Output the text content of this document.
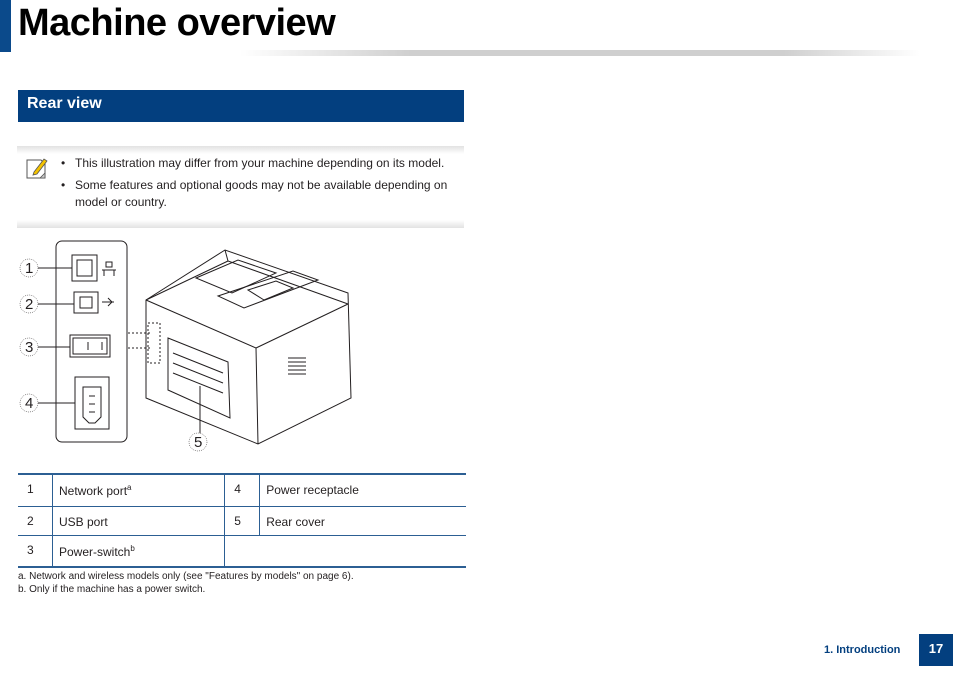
Machine overview
Rear view
• This illustration may differ from your machine depending on its model.
• Some features and optional goods may not be available depending on model or country.
1
2
3
4
5
1	Network port$^a$	4	Power receptacle
2	USB port	5	Rear cover
3	Power-switch$^b$		
a. Network and wireless models only (see "Features by models" on page 6).
b. Only if the machine has a power switch.
1. Introduction	17
